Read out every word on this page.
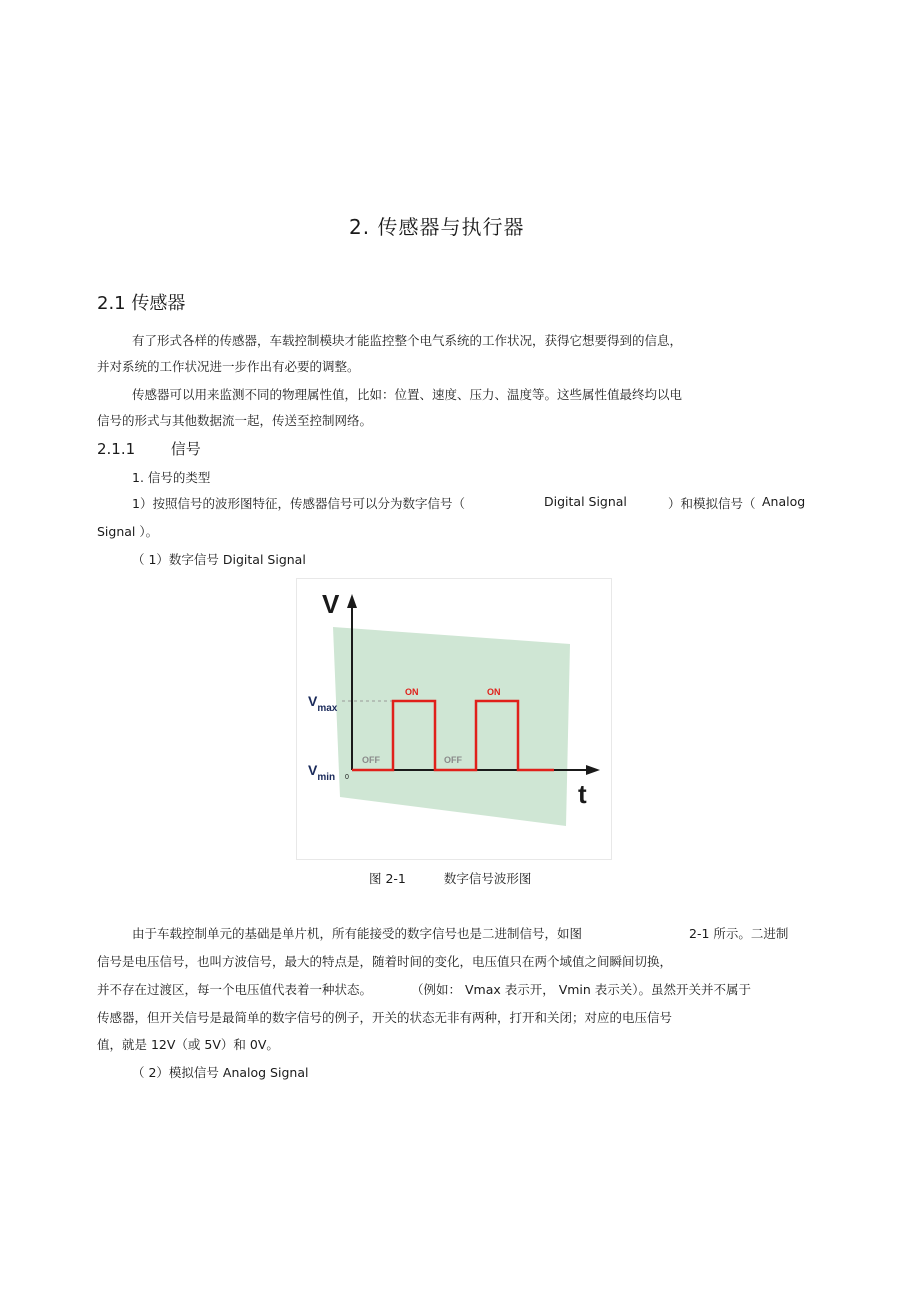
2. 传感器与执行器
2.1 传感器
有了形式各样的传感器，车载控制模块才能监控整个电气系统的工作状况，获得它想要得到的信息，
并对系统的工作状况进一步作出有必要的调整。
传感器可以用来监测不同的物理属性值，比如：位置、速度、压力、温度等。这些属性值最终均以电
信号的形式与其他数据流一起，传送至控制网络。
2.1.1 信号
1. 信号的类型
1）按照信号的波形图特征，传感器信号可以分为数字信号（	Digital Signal	）和模拟信号（ Analog
Signal ）。
（ 1）数字信号 Digital Signal
V
t
$V_{max}$
$V_{min}$ 0
ON	ON
OFF	OFF
图 2-1	数字信号波形图
由于车载控制单元的基础是单片机，所有能接受的数字信号也是二进制信号，如图	2-1 所示。二进制
信号是电压信号，也叫方波信号，最大的特点是，随着时间的变化，电压值只在两个域值之间瞬间切换，
并不存在过渡区，每一个电压值代表着一种状态。	（例如： Vmax 表示开， Vmin 表示关）。虽然开关并不属于
传感器，但开关信号是最简单的数字信号的例子，开关的状态无非有两种，打开和关闭；对应的电压信号
值，就是 12V（或 5V）和 0V。
（ 2）模拟信号 Analog Signal
